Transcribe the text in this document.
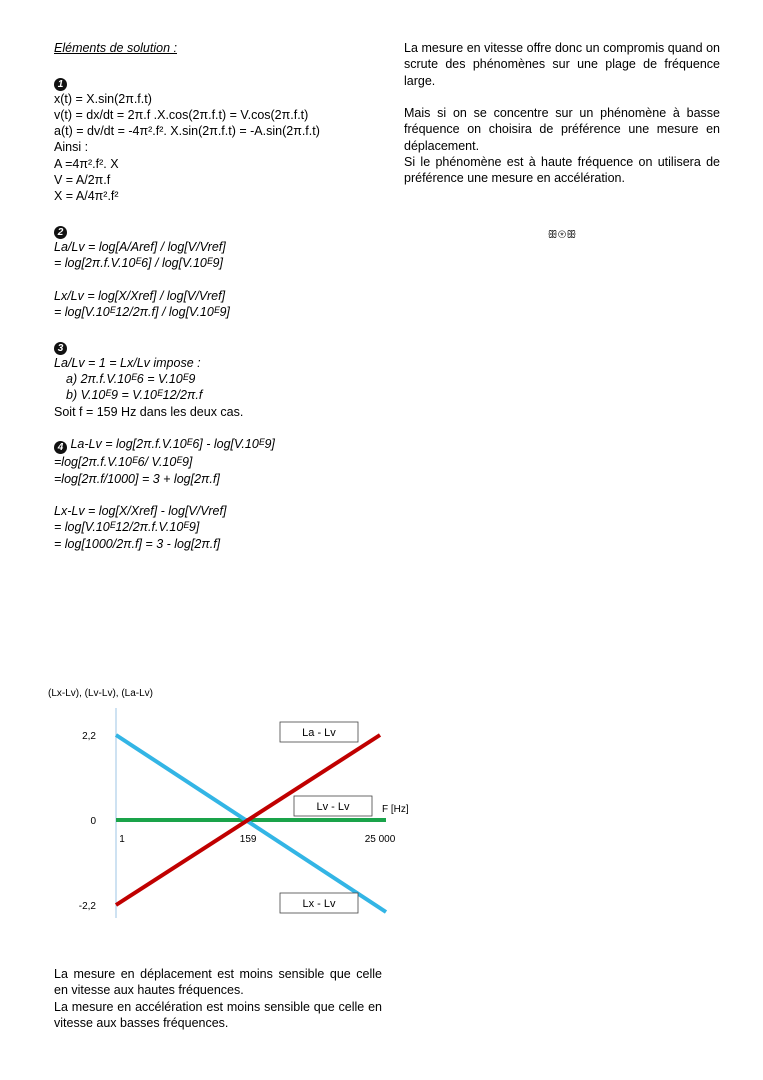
Eléments de solution :
1
x(t) = X.sin(2π.f.t)
v(t) = dx/dt = 2π.f .X.cos(2π.f.t) = V.cos(2π.f.t)
a(t) = dv/dt = -4π².f². X.sin(2π.f.t) = -A.sin(2π.f.t)
Ainsi :
A =4π².f². X
V = A/2π.f
X = A/4π².f²
2
La/Lv = log[A/Aref] / log[V/Vref]
= log[2π.f.V.10ᴱ6] / log[V.10ᴱ9]
Lx/Lv = log[X/Xref] / log[V/Vref]
= log[V.10ᴱ12/2π.f] / log[V.10ᴱ9]
3
La/Lv = 1 = Lx/Lv impose :
a) 2π.f.V.10ᴱ6 = V.10ᴱ9
b) V.10ᴱ9 = V.10ᴱ12/2π.f
Soit f = 159 Hz dans les deux cas.
4 La-Lv = log[2π.f.V.10ᴱ6] - log[V.10ᴱ9]
=log[2π.f.V.10ᴱ6/ V.10ᴱ9]
=log[2π.f/1000] = 3 + log[2π.f]
Lx-Lv = log[X/Xref] - log[V/Vref]
= log[V.10ᴱ12/2π.f.V.10ᴱ9]
= log[1000/2π.f] = 3 - log[2π.f]
La mesure en vitesse offre donc un compromis quand on scrute des phénomènes sur une plage de fréquence large.
Mais si on se concentre sur un phénomène à basse fréquence on choisira de préférence une mesure en déplacement.
Si le phénomène est à haute fréquence on utilisera de préférence une mesure en accélération.
ꕥ⊛ꕥ
(Lx-Lv), (Lv-Lv), (La-Lv)
2,2
0
-2,2
1	159	25 000
La - Lv
Lv - Lv
Lx - Lv
F [Hz]

La mesure en déplacement est moins sensible que celle en vitesse aux hautes fréquences.

La mesure en accélération est moins sensible que celle en vitesse aux basses fréquences.
